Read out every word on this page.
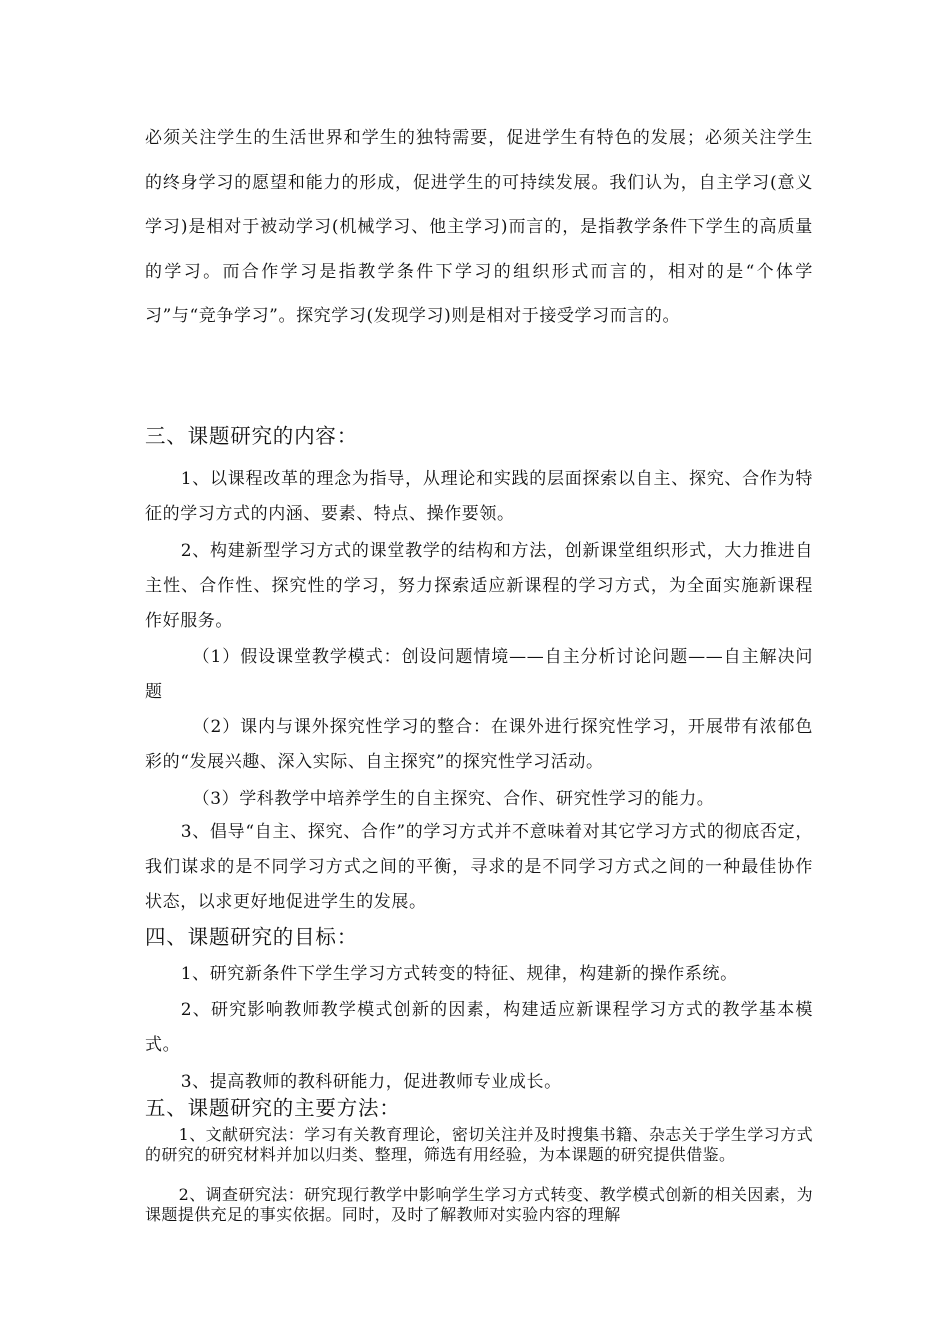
必须关注学生的生活世界和学生的独特需要，促进学生有特色的发展；必须关注学生的终身学习的愿望和能力的形成，促进学生的可持续发展。我们认为，自主学习(意义学习)是相对于被动学习(机械学习、他主学习)而言的，是指教学条件下学生的高质量的学习。而合作学习是指教学条件下学习的组织形式而言的，相对的是“个体学习”与“竞争学习”。探究学习(发现学习)则是相对于接受学习而言的。

三、课题研究的内容：

1、以课程改革的理念为指导，从理论和实践的层面探索以自主、探究、合作为特征的学习方式的内涵、要素、特点、操作要领。

2、构建新型学习方式的课堂教学的结构和方法，创新课堂组织形式，大力推进自主性、合作性、探究性的学习，努力探索适应新课程的学习方式，为全面实施新课程作好服务。

（1）假设课堂教学模式：创设问题情境——自主分析讨论问题——自主解决问题

（2）课内与课外探究性学习的整合：在课外进行探究性学习，开展带有浓郁色彩的“发展兴趣、深入实际、自主探究”的探究性学习活动。

（3）学科教学中培养学生的自主探究、合作、研究性学习的能力。

3、倡导“自主、探究、合作”的学习方式并不意味着对其它学习方式的彻底否定，我们谋求的是不同学习方式之间的平衡，寻求的是不同学习方式之间的一种最佳协作状态，以求更好地促进学生的发展。

四、课题研究的目标：

1、研究新条件下学生学习方式转变的特征、规律，构建新的操作系统。

2、研究影响教师教学模式创新的因素，构建适应新课程学习方式的教学基本模式。

3、提高教师的教科研能力，促进教师专业成长。

五、课题研究的主要方法：

1、文献研究法：学习有关教育理论，密切关注并及时搜集书籍、杂志关于学生学习方式的研究的研究材料并加以归类、整理，筛选有用经验，为本课题的研究提供借鉴。

2、调查研究法：研究现行教学中影响学生学习方式转变、教学模式创新的相关因素，为课题提供充足的事实依据。同时，及时了解教师对实验内容的理解
